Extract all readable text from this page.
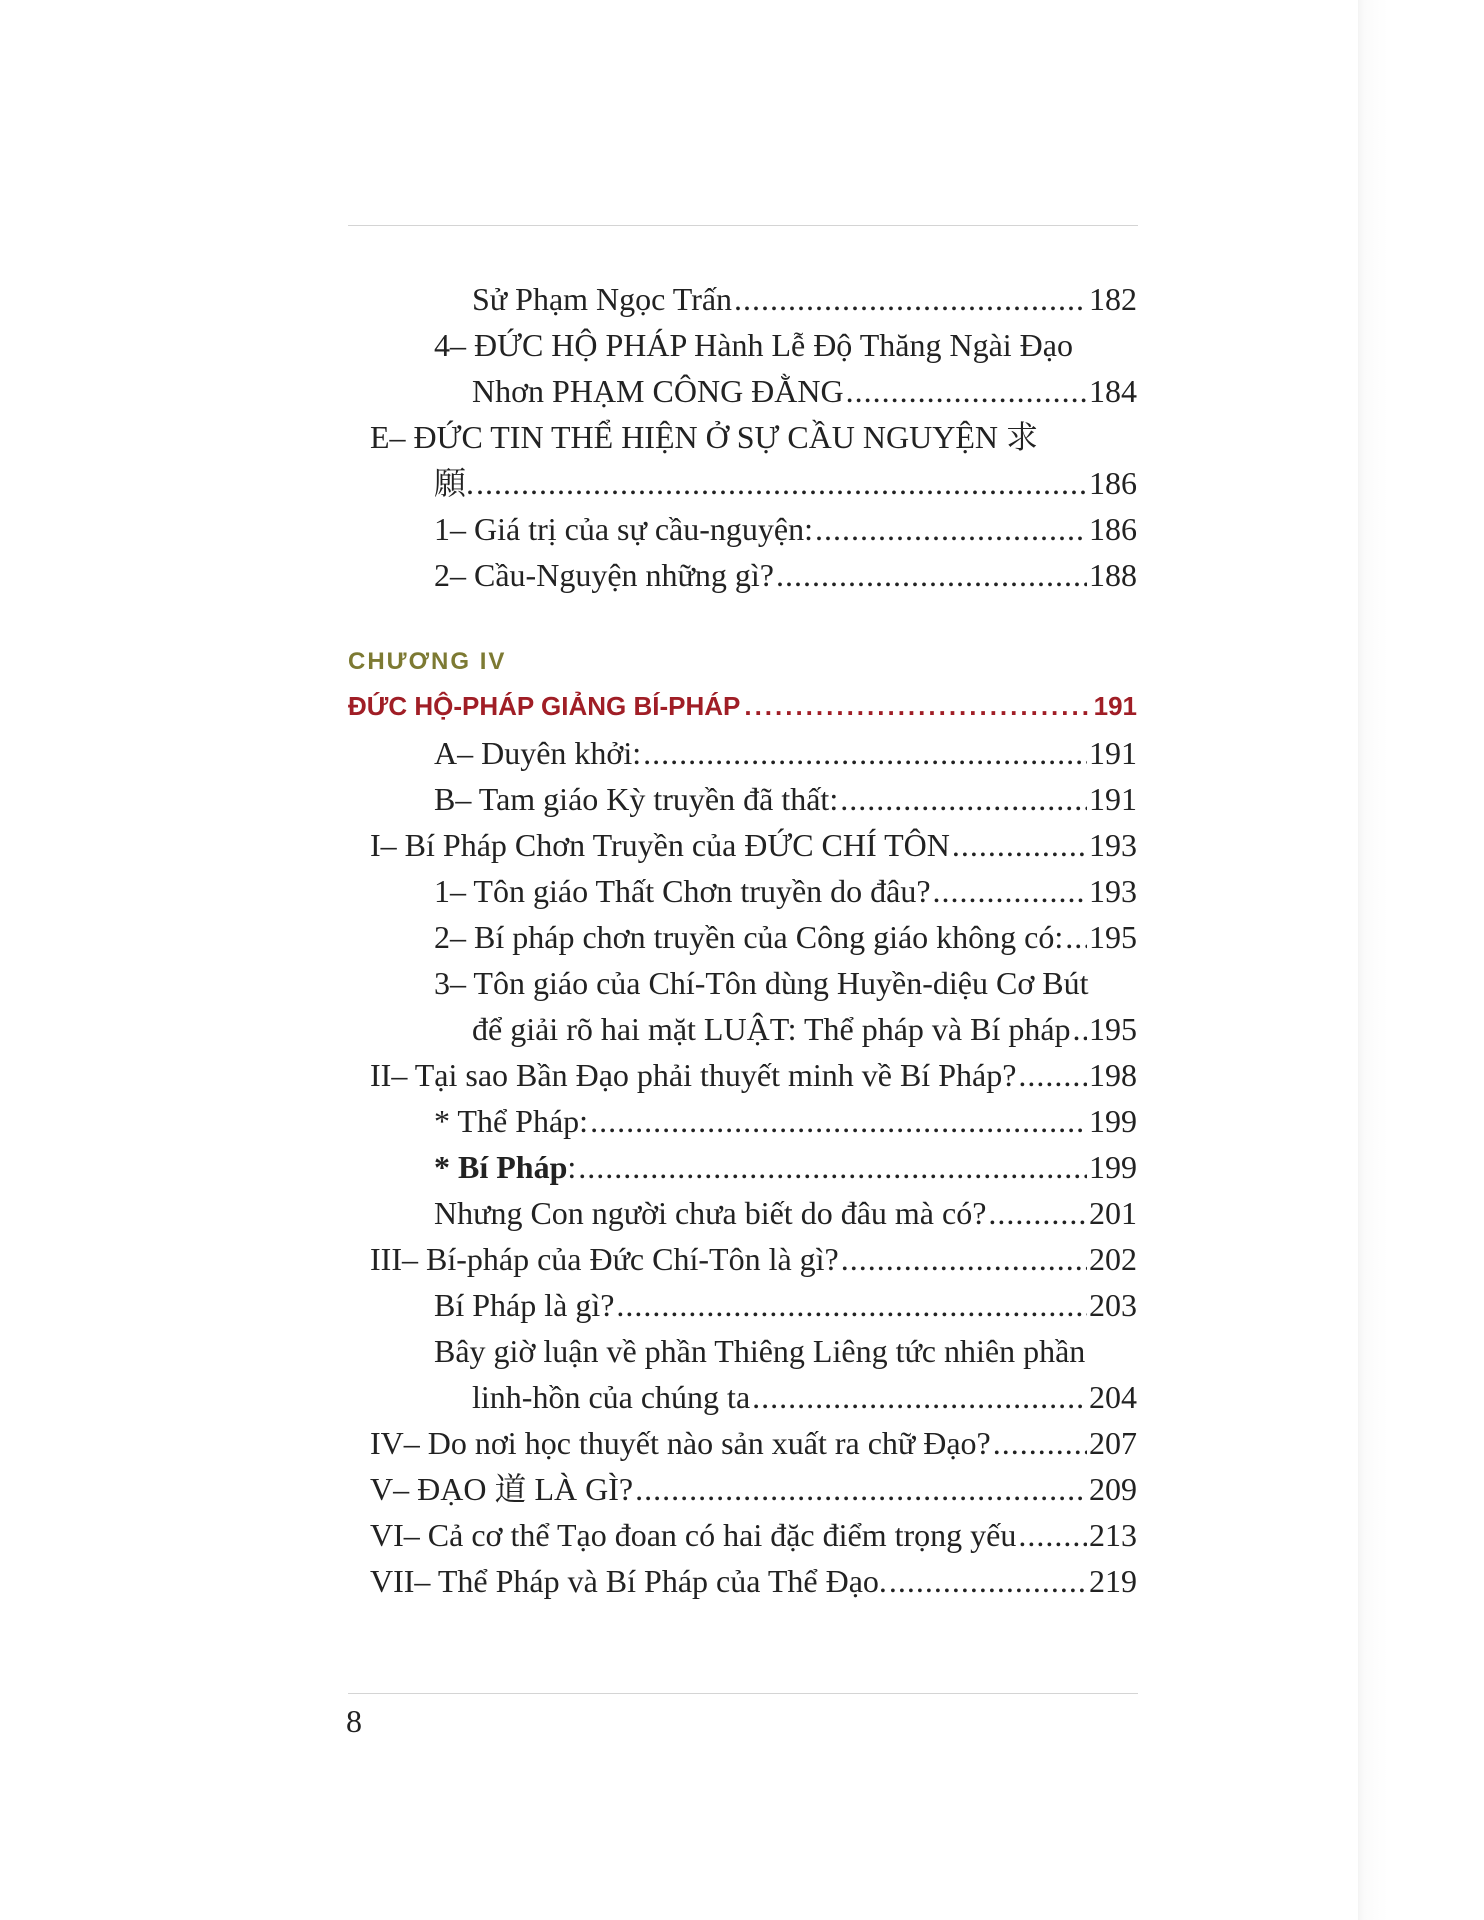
Sử Phạm Ngọc Trấn .....	182
4– ĐỨC HỘ PHÁP Hành Lễ Độ Thăng Ngài Đạo
Nhơn PHẠM CÔNG ĐẰNG .....	184
E– ĐỨC TIN THỂ HIỆN Ở SỰ CẦU NGUYỆN 求
願. .....	186
1– Giá trị của sự cầu-nguyện: .....	186
2– Cầu-Nguyện những gì? .....	188
CHƯƠNG IV
ĐỨC HỘ-PHÁP GIẢNG BÍ-PHÁP .....	191
A– Duyên khởi: .....	191
B– Tam giáo Kỳ truyền đã thất: .....	191
I– Bí Pháp Chơn Truyền của ĐỨC CHÍ TÔN .....	193
1– Tôn giáo Thất Chơn truyền do đâu? .....	193
2– Bí pháp chơn truyền của Công giáo không có: ..... 195
3– Tôn giáo của Chí-Tôn dùng Huyền-diệu Cơ Bút
để giải rõ hai mặt LUẬT: Thể pháp và Bí pháp ..... 195
II– Tại sao Bần Đạo phải thuyết minh về Bí Pháp? ..... 198
* Thể Pháp: .....	199
* Bí Pháp: .....	199
Nhưng Con người chưa biết do đâu mà có? .....	201
III– Bí-pháp của Đức Chí-Tôn là gì? .....	202
Bí Pháp là gì? .....	203
Bây giờ luận về phần Thiêng Liêng tức nhiên phần
linh-hồn của chúng ta .....	204
IV– Do nơi học thuyết nào sản xuất ra chữ Đạo? .....	207
V– ĐẠO 道 LÀ GÌ? .....	209
VI– Cả cơ thể Tạo đoan có hai đặc điểm trọng yếu ..... 213
VII– Thể Pháp và Bí Pháp của Thể Đạo. .....	219
8
